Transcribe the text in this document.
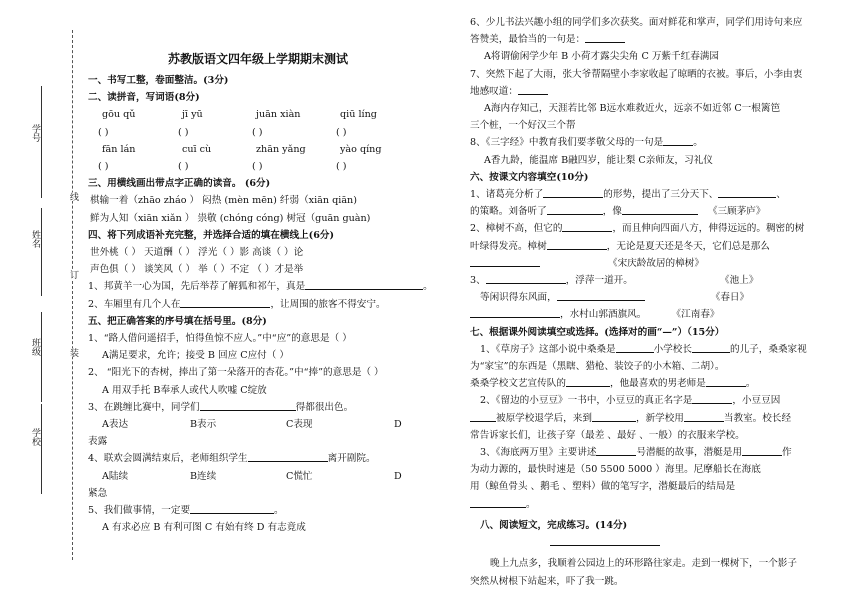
学号
姓名
班级
学校
线
订
装
苏教版语文四年级上学期期末测试
一、书写工整，卷面整洁。(3分)
二、读拼音，写词语(8分)
gōu qǔ	jī yū	juān xiàn	qiū líng
( )	( )	( )	( )
fān lán	cuī cù	zhān yǎng	yào qíng
( )	( )	( )	( )
三、用横线画出带点字正确的读音。 (6分)
棋输一着（zhāo zháo ） 闷热 (mèn mēn) 纤弱（xiān qiān)
鲜为人知（xiān xiǎn ） 祟敬 (chóng cóng) 树冠（guān guàn)
四、将下列成语补充完整，并选择合适的填在横线上(6分)
世外桃（ ） 天道酬（ ） 浮光（ ）影 高谈（ ）论
声色俱（ ） 谈笑风（ ） 举（ ）不定 （ ）才是举
1、邦黄羊一心为国，先后举荐了解狐和祁午，真是	。
2、车厢里有几个人在	，让周围的旅客不得安宁。
五、把正确答案的序号填在括号里。(8分)
1、“路人借问遥招手，怕得鱼惊不应人。”中“应”的意思是（ ）
A满足要求，允许；接受 B 回应 C应付（ ）
2、 “阳光下的杏树，捧出了第一朵落开的杏花。”中“捧”的意思是（ ）
A 用双手托 B奉承人或代人吹嘘 C绽放
3、在跳缠比赛中，同学们	得都很出色。
A表达	B表示	C表现	D
表露
4、联欢会圆满结束后，老师组织学生	离开剧院。
A陆续	B连续	C慌忙	D
紧急
5、我们做事情，一定要	。
A 有求必应 B 有利可图 C 有始有终 D 有志竟成
6、少儿书法兴趣小组的同学们多次获奖。面对鲜花和掌声，同学们用诗句来应
答赞美，最恰当的一句是：
A将谓偷闲学少年 B 小荷才露尖尖角 C 万紫千红春满园
7、突然下起了大雨，张大爷帮隔壁小李家收起了晾晒的衣被。事后，小李由衷
地感叹道：
A海内存知己，天涯若比邻 B远水难救近火，远亲不如近邻 C一根篱笆
三个桩，一个好汉三个帮
8、《三字经》中教育我们要孝敬父母的一句是	。
A香九龄，能温席 B融四岁，能让梨 C亲师友，习礼仪
六、按课文内容填空(10分)
1、诸葛亮分析了	的形势，提出了三分天下、	、
的策略。刘备听了	，像	《三顾茅庐》
2、樟树不高，但它的	，而且伸向四面八方，伸得远远的。稠密的树
叶绿得发亮。樟树	，无论是夏天还是冬天，它们总是那么
《宋庆龄故居的樟树》
3、	，浮萍一道开。	《池上》
等闲识得东风面，	《春日》
，水村山郭酒旗风。	《江南春》
七、根据课外阅读填空或选择。(选择对的画“—”）（15分）
1、《草房子》这部小说中桑桑是	小学校长	的儿子，桑桑家视
为“家宝”的东西是（黑瞎、猎枪、装饺子的小木箱、二胡）。
桑桑学校文艺宣传队的	，他最喜欢的男老师是	。
2、《留边的小豆豆》一书中，小豆豆的真正名字是	，小豆豆因
被原学校退学后，来到	，新学校用	当教室。校长经
常告诉家长们，让孩子穿（最差 、最好 、一般）的衣服来学校。
3、《海底两万里》主要讲述	号潜艇的故事，潜艇是用	作
为动力源的，最快时速是（50 5500 5000 ）海里。尼摩船长在海底
用（鲸鱼骨头 、鹅毛 、塑料）做的笔写字，潜艇最后的结局是
。
八、阅读短文，完成练习。(14分)
晚上九点多，我顺着公园边上的环形路往家走。走到一棵树下，一个影子
突然从树根下站起来，吓了我一跳。
